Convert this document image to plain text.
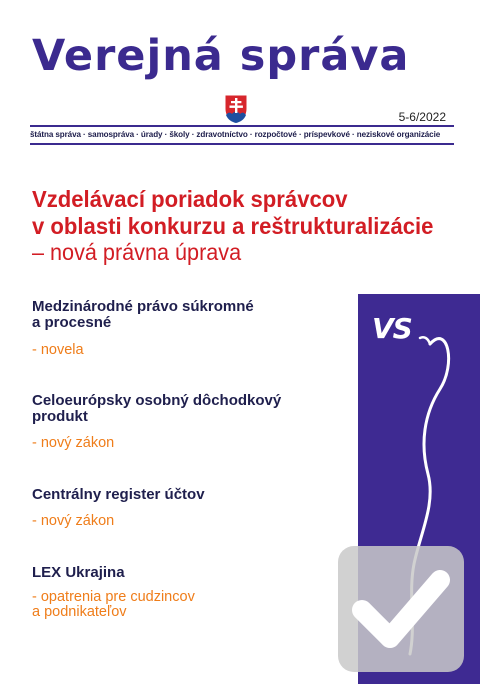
Verejná správa
5-6/2022
štátna správa · samospráva · úrady · školy · zdravotníctvo · rozpočtové · príspevkové · neziskové organizácie
Vzdelávací poriadok správcov
v oblasti konkurzu a reštrukturalizácie
– nová právna úprava
Medzinárodné právo súkromné
a procesné
- novela
Celoeurópsky osobný dôchodkový
produkt
- nový zákon
Centrálny register účtov
- nový zákon
LEX Ukrajina
- opatrenia pre cudzincov
a podnikateľov
VS
